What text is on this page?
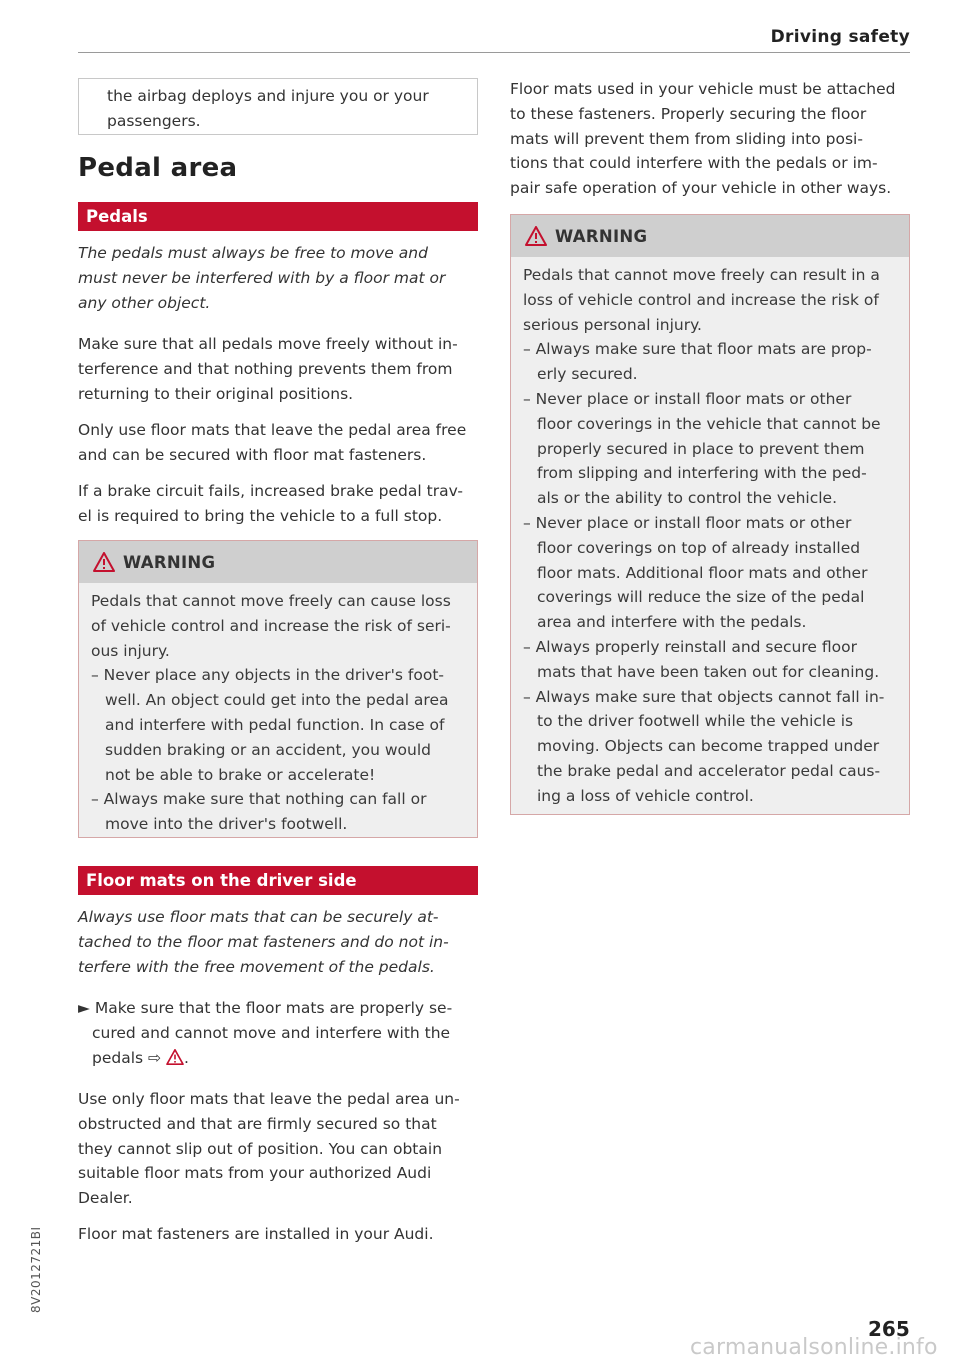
Driving safety
the airbag deploys and injure you or your
passengers.
Pedal area
Pedals
The pedals must always be free to move and
must never be interfered with by a floor mat or
any other object.
Make sure that all pedals move freely without in-
terference and that nothing prevents them from
returning to their original positions.
Only use floor mats that leave the pedal area free
and can be secured with floor mat fasteners.
If a brake circuit fails, increased brake pedal trav-
el is required to bring the vehicle to a full stop.
WARNING
Pedals that cannot move freely can cause loss
of vehicle control and increase the risk of seri-
ous injury.
– Never place any objects in the driver's foot-
well. An object could get into the pedal area
and interfere with pedal function. In case of
sudden braking or an accident, you would
not be able to brake or accelerate!
– Always make sure that nothing can fall or
move into the driver's footwell.
Floor mats on the driver side
Always use floor mats that can be securely at-
tached to the floor mat fasteners and do not in-
terfere with the free movement of the pedals.
► Make sure that the floor mats are properly se-
cured and cannot move and interfere with the
pedals ⇨ .
Use only floor mats that leave the pedal area un-
obstructed and that are firmly secured so that
they cannot slip out of position. You can obtain
suitable floor mats from your authorized Audi
Dealer.
Floor mat fasteners are installed in your Audi.
Floor mats used in your vehicle must be attached
to these fasteners. Properly securing the floor
mats will prevent them from sliding into posi-
tions that could interfere with the pedals or im-
pair safe operation of your vehicle in other ways.
WARNING
Pedals that cannot move freely can result in a
loss of vehicle control and increase the risk of
serious personal injury.
– Always make sure that floor mats are prop-
erly secured.
– Never place or install floor mats or other
floor coverings in the vehicle that cannot be
properly secured in place to prevent them
from slipping and interfering with the ped-
als or the ability to control the vehicle.
– Never place or install floor mats or other
floor coverings on top of already installed
floor mats. Additional floor mats and other
coverings will reduce the size of the pedal
area and interfere with the pedals.
– Always properly reinstall and secure floor
mats that have been taken out for cleaning.
– Always make sure that objects cannot fall in-
to the driver footwell while the vehicle is
moving. Objects can become trapped under
the brake pedal and accelerator pedal caus-
ing a loss of vehicle control.
8V2012721BI
265
carmanualsonline.info
